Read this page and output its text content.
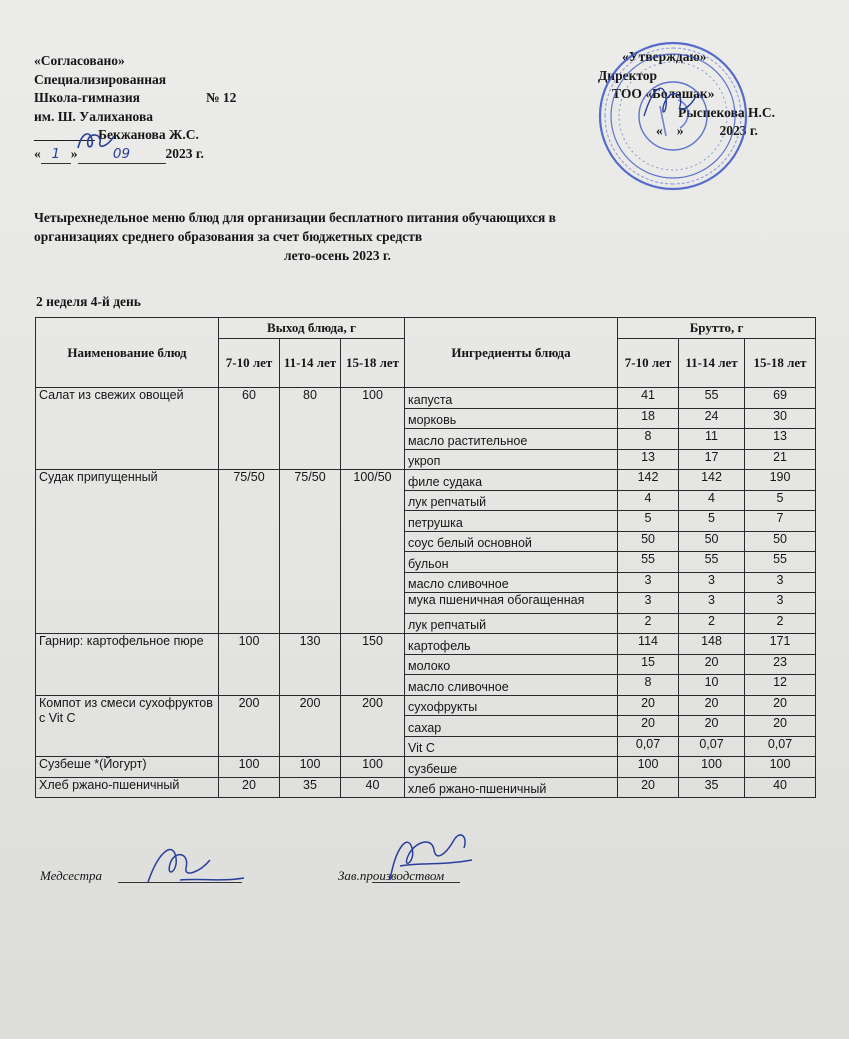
«Согласовано»
Специализированная
Школа-гимназия	№ 12
им. Ш. Уалиханова
_________ Бекжанова Ж.С.
« 1 »	09	2023 г.
«Утверждаю»
Директор
ТОО «Болашак»
Рыспекова Н.С.
« »	2023 г.
Четырехнедельное меню блюд для организации бесплатного питания обучающихся в
организациях среднего образования за счет бюджетных средств
лето-осень 2023 г.
2 неделя 4-й день
Наименование блюд	Выход блюда, г			Ингредиенты блюда	Брутто, г		
	7-10 лет	11-14 лет	15-18 лет		7-10 лет	11-14 лет	15-18 лет
Салат из свежих овощей	60	80	100	капуста	41	55	69
				морковь	18	24	30
				масло растительное	8	11	13
				укроп	13	17	21
Судак припущенный	75/50	75/50	100/50	филе судака	142	142	190
				лук репчатый	4	4	5
				петрушка	5	5	7
				соус белый основной	50	50	50
				бульон	55	55	55
				масло сливочное	3	3	3
				мука пшеничная обогащенная	3	3	3
				лук репчатый	2	2	2
Гарнир: картофельное пюре	100	130	150	картофель	114	148	171
				молоко	15	20	23
				масло сливочное	8	10	12
Компот из смеси сухофруктов с Vit C	200	200	200	сухофрукты	20	20	20
				сахар	20	20	20
				Vit C	0,07	0,07	0,07
Сузбеше *(Йогурт)	100	100	100	сузбеше	100	100	100
Хлеб ржано-пшеничный	20	35	40	хлеб ржано-пшеничный	20	35	40
Медсестра	Зав.производством
